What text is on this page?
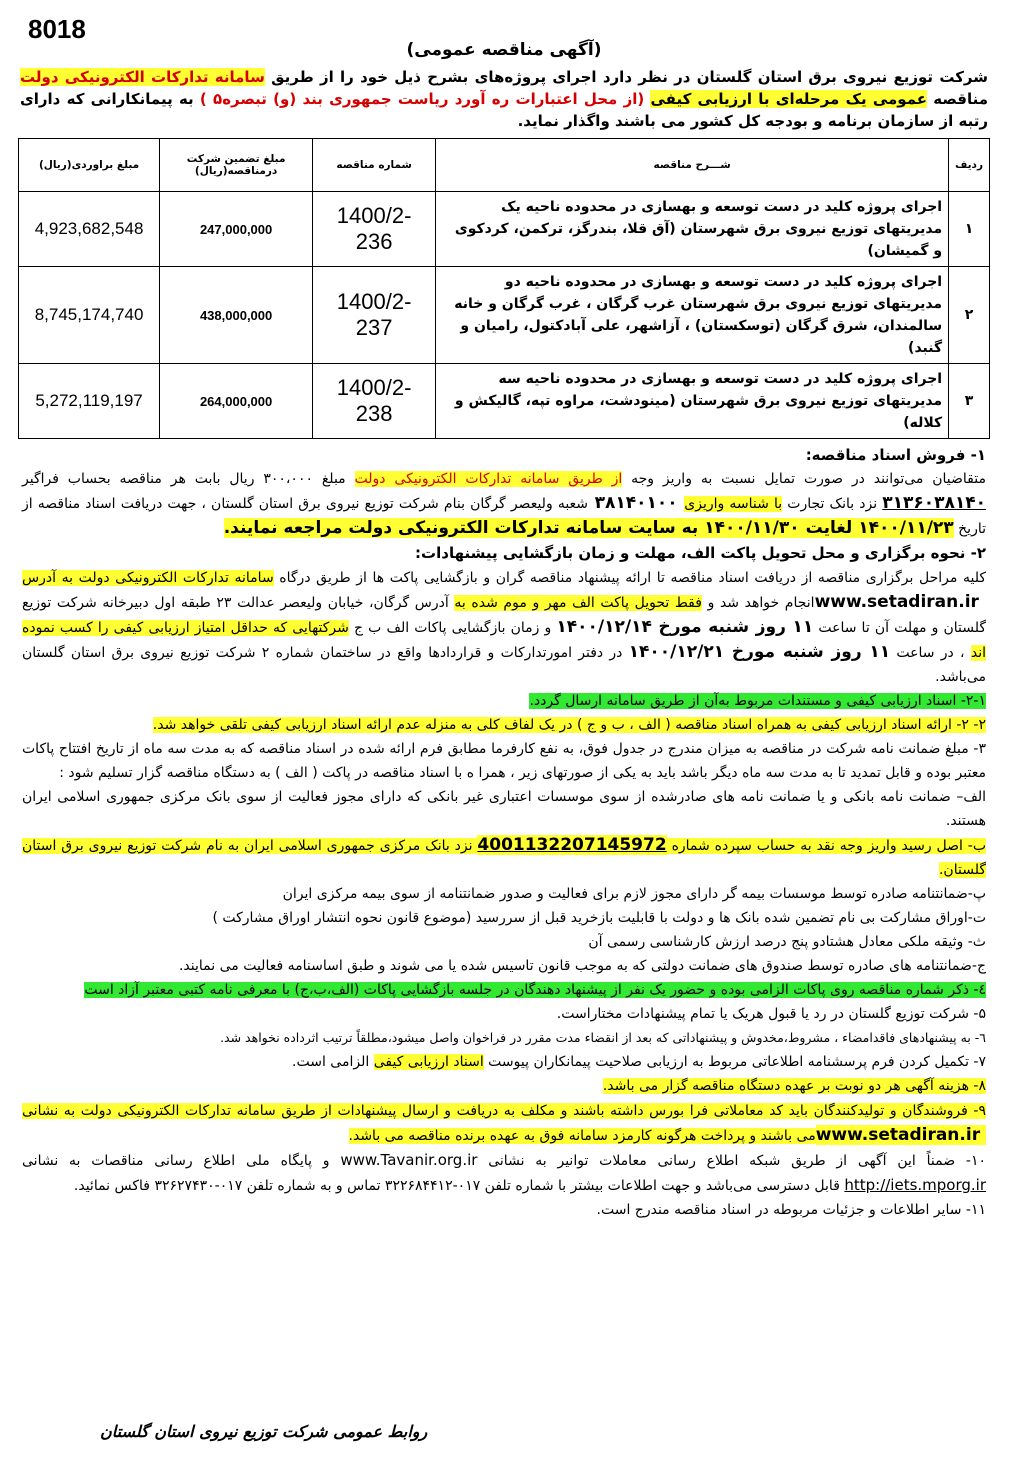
8018
(آگهی مناقصه عمومی)
شرکت توزیع نیروی برق استان گلستان در نظر دارد اجرای پروژه‌های بشرح ذیل خود را از طریق سامانه تدارکات الکترونیکی دولت مناقصه عمومی یک مرحله‌ای با ارزیابی کیفی (از محل اعتبارات ره آورد ریاست جمهوری بند (و) تبصره۵ ) به پیمانکارانی که دارای رتبه از سازمان برنامه و بودجه کل کشور می باشند واگذار نماید.
ردیف	شـــرح مناقصه	شماره مناقصه	مبلغ تضمین شرکت درمناقصه(ریال)	مبلغ براوردی(ریال)
۱	اجرای پروژه کلید در دست توسعه و بهسازی در محدوده ناحیه یک مدیریتهای توزیع نیروی برق شهرستان (آق قلا، بندرگز، ترکمن، کردکوی و گمیشان)	1400/2-236	247,000,000	4,923,682,548
۲	اجرای پروژه کلید در دست توسعه و بهسازی در محدوده ناحیه دو مدیریتهای توزیع نیروی برق شهرستان غرب گرگان ، غرب گرگان و خانه سالمندان، شرق گرگان (توسکستان) ، آزاشهر، علی آبادکتول، رامیان و گنبد)	1400/2-237	438,000,000	8,745,174,740
۳	اجرای پروژه کلید در دست توسعه و بهسازی در محدوده ناحیه سه مدیریتهای توزیع نیروی برق شهرستان (مینودشت، مراوه تپه، گالیکش و کلاله)	1400/2-238	264,000,000	5,272,119,197
۱- فروش اسناد مناقصه:
متقاضیان می‌توانند در صورت تمایل نسبت به واریز وجه از طریق سامانه تدارکات الکترونیکی دولت مبلغ ۳۰۰،۰۰۰ ریال بابت هر مناقصه بحساب فراگیر ۳۱۳۶۰۳۸۱۴۰ نزد بانک تجارت با شناسه واریزی ۳۸۱۴۰۱۰۰ شعبه ولیعصر گرگان بنام شرکت توزیع نیروی برق استان گلستان ، جهت دریافت اسناد مناقصه از تاریخ ۱۴۰۰/۱۱/۲۳ لغایت ۱۴۰۰/۱۱/۳۰ به سایت سامانه تدارکات الکترونیکی دولت مراجعه نمایند.
۲- نحوه برگزاری و محل تحویل پاکت الف، مهلت و زمان بازگشایی پیشنهادات:
کلیه مراحل برگزاری مناقصه از دریافت اسناد مناقصه تا ارائه پیشنهاد مناقصه گران و بازگشایی پاکت ها از طریق درگاه سامانه تدارکات الکترونیکی دولت به آدرس www.setadiran.ir انجام خواهد شد و فقط تحویل پاکت الف مهر و موم شده به آدرس گرگان، خیابان ولیعصر عدالت ۲۳ طبقه اول دبیرخانه شرکت توزیع گلستان و مهلت آن تا ساعت ۱۱ روز شنبه مورخ ۱۴۰۰/۱۲/۱۴ و زمان بازگشایی پاکات الف ب ج شرکتهایی که حداقل امتیاز ارزیابی کیفی را کسب نموده اند ، در ساعت ۱۱ روز شنبه مورخ ۱۴۰۰/۱۲/۲۱ در دفتر امورتدارکات و قراردادها واقع در ساختمان شماره ۲ شرکت توزیع نیروی برق استان گلستان می‌باشد.
۲-۱- اسناد ارزیابی کیفی و مستندات مربوط به‌آن از طریق سامانه ارسال گردد.
۲- ۲- ارائه اسناد ارزیابی کیفی به همراه اسناد مناقصه ( الف ، ب و ج ) در یک لفاف کلی به منزله عدم ارائه اسناد ارزیابی کیفی تلقی خواهد شد.
۳- مبلغ ضمانت نامه شرکت در مناقصه به میزان مندرج در جدول فوق، به نفع کارفرما مطابق فرم ارائه شده در اسناد مناقصه که به مدت سه ماه از تاریخ افتتاح پاکات معتبر بوده و قابل تمدید تا به مدت سه ماه دیگر باشد باید به یکی از صورتهای زیر ، همرا ه با اسناد مناقصه در پاکت ( الف ) به دستگاه مناقصه گزار تسلیم شود :
الف– ضمانت نامه بانکی و یا ضمانت نامه های صادرشده از سوی موسسات اعتباری غیر بانکی که دارای مجوز فعالیت از سوی بانک مرکزی جمهوری اسلامی ایران هستند.
ب- اصل رسید واریز وجه نقد به حساب سپرده شماره 4001132207145972 نزد بانک مرکزی جمهوری اسلامی ایران به نام شرکت توزیع نیروی برق استان گلستان.
پ-ضمانتنامه صادره توسط موسسات بیمه گر دارای مجوز لازم برای فعالیت و صدور ضمانتنامه از سوی بیمه مرکزی ایران
ت-اوراق مشارکت بی نام تضمین شده بانک ها و دولت با قابلیت بازخرید قبل از سررسید (موضوع قانون نحوه انتشار اوراق مشارکت )
ث- وثیقه ملکی معادل هشتادو پنج درصد ارزش کارشناسی رسمی آن
ج-ضمانتنامه های صادره توسط صندوق های ضمانت دولتی که به موجب قانون تاسیس شده یا می شوند و طبق اساسنامه فعالیت می نمایند.
٤- ذکر شماره مناقصه روی پاکات الزامی بوده و حضور یک نفر از پیشنهاد دهندگان در جلسه بازگشایی پاکات (الف،ب،ج) با معرفی نامه کتبی معتبر آزاد است
۵- شرکت توزیع گلستان در رد یا قبول هریک یا تمام پیشنهادات مختاراست.
٦- به پیشنهادهای فاقدامضاء ، مشروط،مخدوش و پیشنهاداتی که بعد از انقضاء مدت مقرر در فراخوان واصل میشود،مطلقاً ترتیب اثرداده نخواهد شد.
۷- تکمیل کردن فرم پرسشنامه اطلاعاتی مربوط به ارزیابی صلاحیت پیمانکاران پیوست اسناد ارزیابی کیفی الزامی است.
۸- هزینه آگهی هر دو نوبت بر عهده دستگاه مناقصه گزار می باشد.
۹- فروشندگان و تولیدکنندگان باید کد معاملاتی فرا بورس داشته باشند و مکلف به دریافت و ارسال پیشنهادات از طریق سامانه تدارکات الکترونیکی دولت به نشانی www.setadiran.ir می باشند و پرداخت هرگونه کارمزد سامانه فوق به عهده برنده مناقصه می باشد.
۱۰- ضمناً این آگهی از طریق شبکه اطلاع رسانی معاملات توانیر به نشانی www.Tavanir.org.ir و پایگاه ملی اطلاع رسانی مناقصات به نشانی http://iets.mporg.ir قابل دسترسی می‌باشد و جهت اطلاعات بیشتر با شماره تلفن ۰۱۷-۳۲۲۶۸۴۴۱۲ تماس و به شماره تلفن ۰۱۷-۳۲۶۲۷۴۳۰ فاکس نمائید.
۱۱- سایر اطلاعات و جزئیات مربوطه در اسناد مناقصه مندرج است.
روابط عمومی شرکت توزیع نیروی استان گلستان
